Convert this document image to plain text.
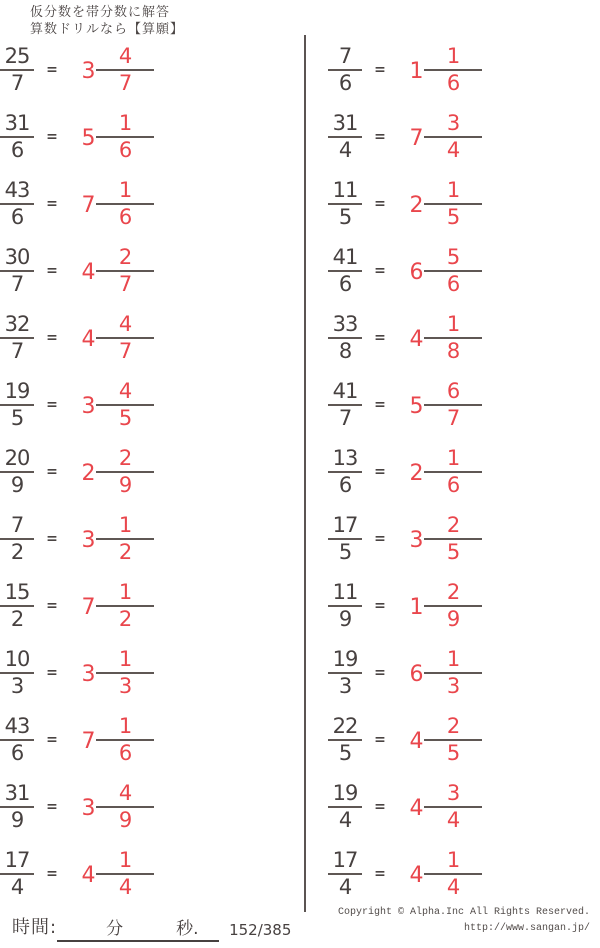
仮分数を帯分数に解答
算数ドリルなら【算願】
$\frac{25}{7} = 3 \frac{4}{7}$
$\frac{31}{6} = 5 \frac{1}{6}$
$\frac{43}{6} = 7 \frac{1}{6}$
$\frac{30}{7} = 4 \frac{2}{7}$
$\frac{32}{7} = 4 \frac{4}{7}$
$\frac{19}{5} = 3 \frac{4}{5}$
$\frac{20}{9} = 2 \frac{2}{9}$
$\frac{7}{2} = 3 \frac{1}{2}$
$\frac{15}{2} = 7 \frac{1}{2}$
$\frac{10}{3} = 3 \frac{1}{3}$
$\frac{43}{6} = 7 \frac{1}{6}$
$\frac{31}{9} = 3 \frac{4}{9}$
$\frac{17}{4} = 4 \frac{1}{4}$
$\frac{7}{6} = 1 \frac{1}{6}$
$\frac{31}{4} = 7 \frac{3}{4}$
$\frac{11}{5} = 2 \frac{1}{5}$
$\frac{41}{6} = 6 \frac{5}{6}$
$\frac{33}{8} = 4 \frac{1}{8}$
$\frac{41}{7} = 5 \frac{6}{7}$
$\frac{13}{6} = 2 \frac{1}{6}$
$\frac{17}{5} = 3 \frac{2}{5}$
$\frac{11}{9} = 1 \frac{2}{9}$
$\frac{19}{3} = 6 \frac{1}{3}$
$\frac{22}{5} = 4 \frac{2}{5}$
$\frac{19}{4} = 4 \frac{3}{4}$
$\frac{17}{4} = 4 \frac{1}{4}$
時間:	分	秒. 152/385
Copyright © Alpha.Inc All Rights Reserved.
http://www.sangan.jp/
